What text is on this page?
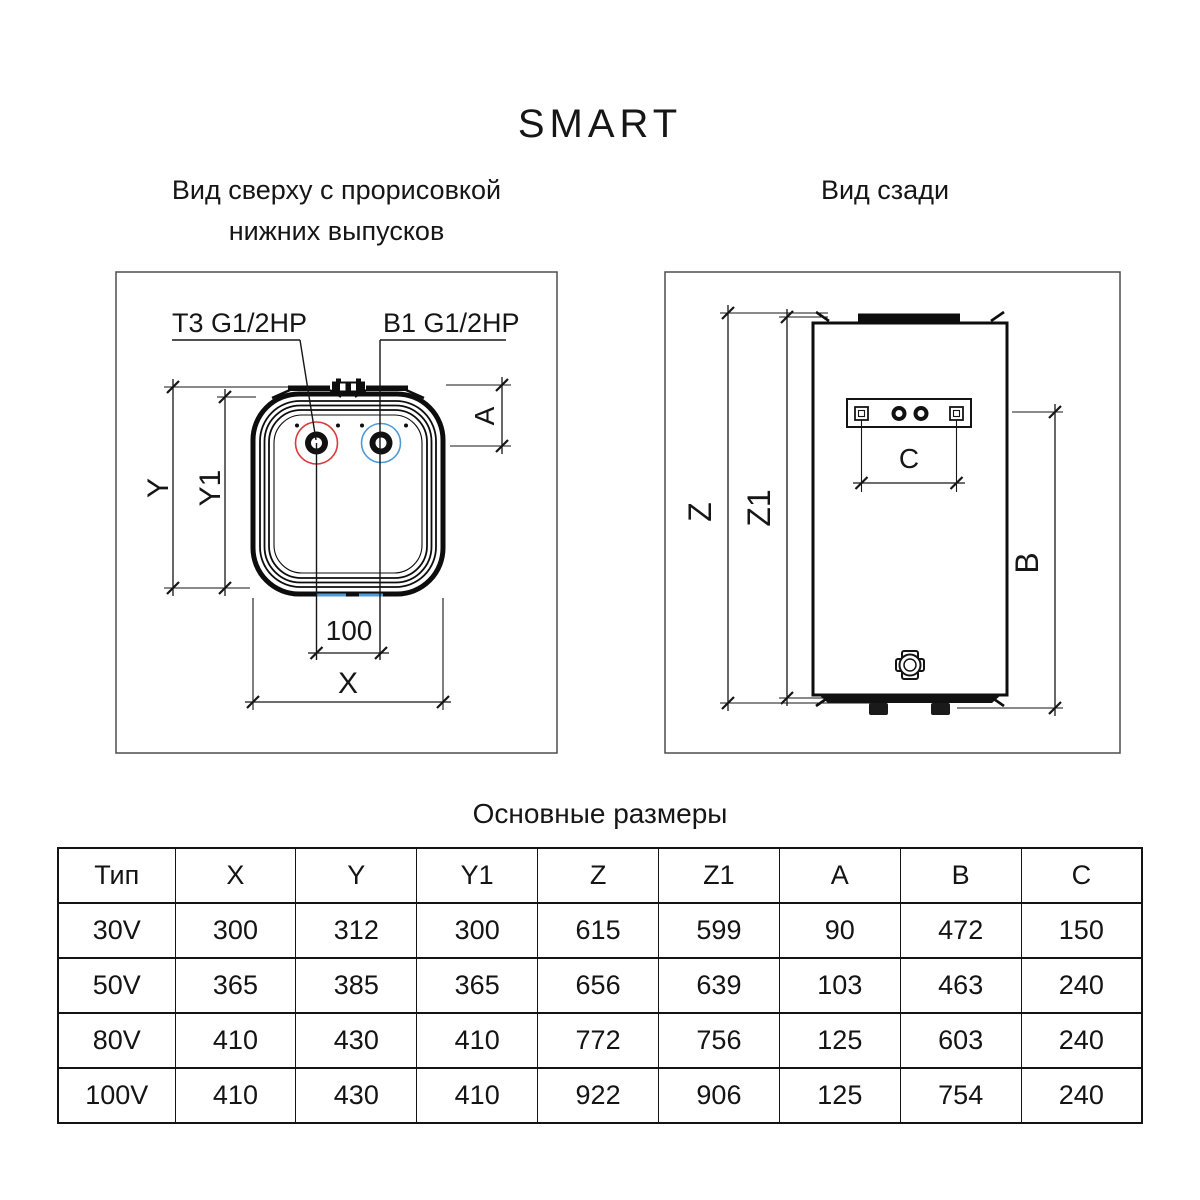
SMART
Вид сверху с прорисовкой
нижних выпусков
Вид сзади
T3 G1/2HP	B1 G1/2HP
Y Y1
A
100
X
Z Z1
C
B
Основные размеры
Тип	X	Y	Y1	Z	Z1	A	B	C
30V	300	312	300	615	599	90	472	150
50V	365	385	365	656	639	103	463	240
80V	410	430	410	772	756	125	603	240
100V	410	430	410	922	906	125	754	240
